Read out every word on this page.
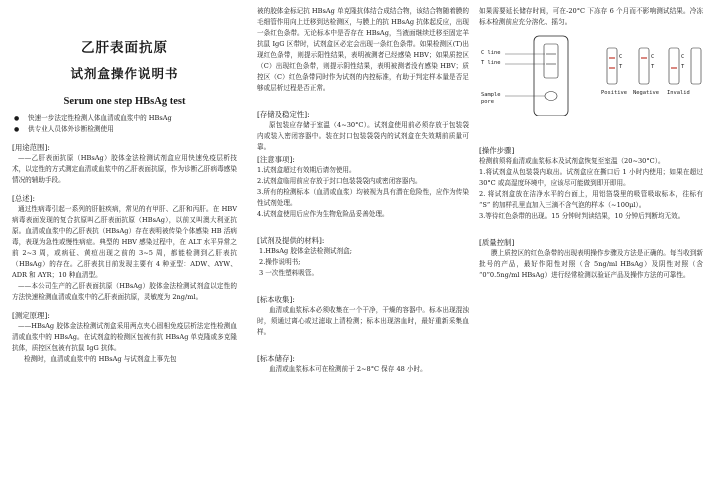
乙肝表面抗原
试剂盒操作说明书
Serum one step HBsAg test
● 快速一步法定性检测人体血清或血浆中的 HBsAg
● 供专业人员体外诊断检测使用
[用途范围]:

——乙肝表面抗原（HBsAg）胶体金法检测试剂盒应用快速免疫层析技术，以定性的方式测定血清或血浆中的乙肝表面抗原，作为诊断乙肝病毒感染情况的辅助手段。

[总述]:

通过性病毒引起一系列的肝脏疾病，常见的有甲肝、乙肝和丙肝。在 HBV 病毒表面发现的复合抗原叫乙肝表面抗原（HBsAg），以前又叫澳大利亚抗原。血清或血浆中的乙肝表抗（HBsAg）存在表明被传染个体感染 HB 活病毒，表现为急性或慢性病症。典型的 HBV 感染过程中，在 ALT 水平异常之前 2~3 周，或病征、黄疸出现之前的 3~5 周，都能检测到乙肝表抗（HBsAg）的存在。乙肝表抗目前发现主要有 4 种亚型：ADW、AYW、ADR 和 AYR；10 种血清型。

——本公司生产的乙肝表面抗原（HBsAg）胶体金法检测试剂盒以定性的方法快速检测血清或血浆中的乙肝表面抗原，灵敏度为 2ng/ml。

[测定原理]:

——HBsAg 胶体金法检测试剂盒采用两点夹心固相免疫层析法定性检测血清或血浆中的 HBsAg。在试剂盒的检测区包被有抗 HBsAg 单克隆或多克隆抗体，质控区包被有抗鼠 IgG 抗体。

检测时，血清或血浆中的 HBsAg 与试剂盒上事先包

被的胶体金标记抗 HBsAg 单克隆抗体结合成结合物，该结合物随着膜的毛细管作用向上迁移到达检测区，与膜上的抗 HBsAg 抗体起反应，出现一条红色条带。无论标本中是否存在 HBsAg，当液面继续迁移至固定羊抗鼠 IgG 区带时，试剂盒区必定会出现一条红色条带。如果检测区(T)出现红色条带，则提示阳性结果，表明被测者已经感染 HBV；如果质控区（C）出现红色条带，则提示阴性结果，表明被测者没有感染 HBV；质控区（C）红色条带同时作为试剂的内控标准，有助于判定样本量是否足够或层析过程是否正常。

[存储及稳定性]:

原包装应存储于室温（4~30°C）。试剂盒使用前必须存放于包装袋内或装入密闭容器中。装在封口包装袋袋内的试剂盒在失效期前质量可靠。

[注意事项]:

1.试剂盒超过有效期后请勿使用。

2.试剂盒临用前应存放于封口包装袋袋内或密闭容器内。

3.所有的检测标本（血清或血浆）均被视为具有潜在危险性，应作为传染性试剂处理。

4.试剂盒使用后应作为生物危险品妥善处理。

[试剂及提供的材料]:

1.HBsAg 胶体金法检测试剂盒;

2.操作说明书;

3 一次性塑料吸管。

[标本收集]:

血清或血浆标本必须收集在一个干净，干燥的容器中。标本出现混浊时，须通过离心或过滤取上清检测；标本出现溶血时，最好重新采集血样。

[标本储存]:

血清或血浆标本可在检测前于 2~8°C 保存 48 小时。

如果需要延长储存时间，可在-20°C 下冻存 6 个月而不影响测试结果。冷冻标本检测前应充分溶化、摇匀。

C line
T line
Sample pore
C
T
C
T
C
T
Positive Negative Invalid
[操作步骤]

检测前须将血清或血浆标本及试剂盒恢复至室温（20~30°C）。

1.将试剂盒从包装袋内取出。试剂盒应在撕口后 1 小时内使用；如果在超过 30°C 或高湿度环境中，应该尽可能做到即开即用。

2. 将试剂盒放在洁净水平的台面上，用铝箔袋里的吸管吸取标本，往标有 “S” 的加样孔里直加入三滴不含气泡的样本（~100μl）。

3.等待红色条带的出现。15 分钟时判读结果，10 分钟后判断均无效。

[质量控制]

膜上质控区的红色条带的出现表明操作步骤及方法是正确的。每当收到新批号的产品，最好作阳性对照（含 5ng/ml HBsAg）及阴性对照（含 “0”0.5ng/ml HBsAg）进行经常检测以验证产品及操作方法的可靠性。
